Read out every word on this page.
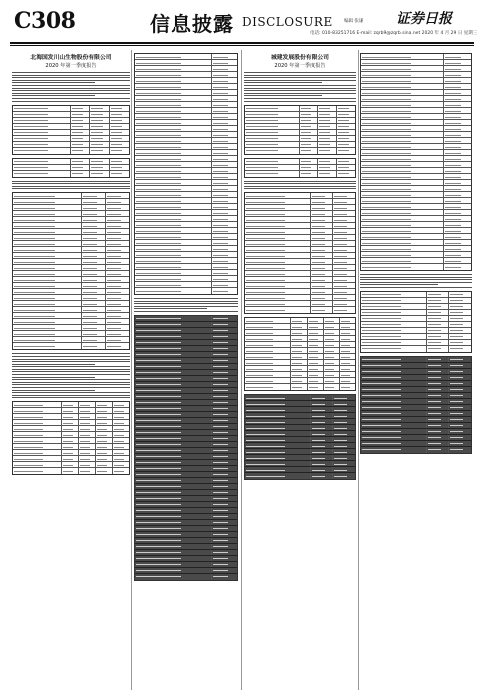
C308	信息披露 DISCLOSURE	编辑 张谦 证券日报
电话: 010-83251716 E-mail: zqrb9@zqrb.sina.net 2020 年 4 月 29 日 星期三
北海国发川山生物股份有限公司
2020 年第一季度报告
城建发展股份有限公司
2020 年第一季度报告
